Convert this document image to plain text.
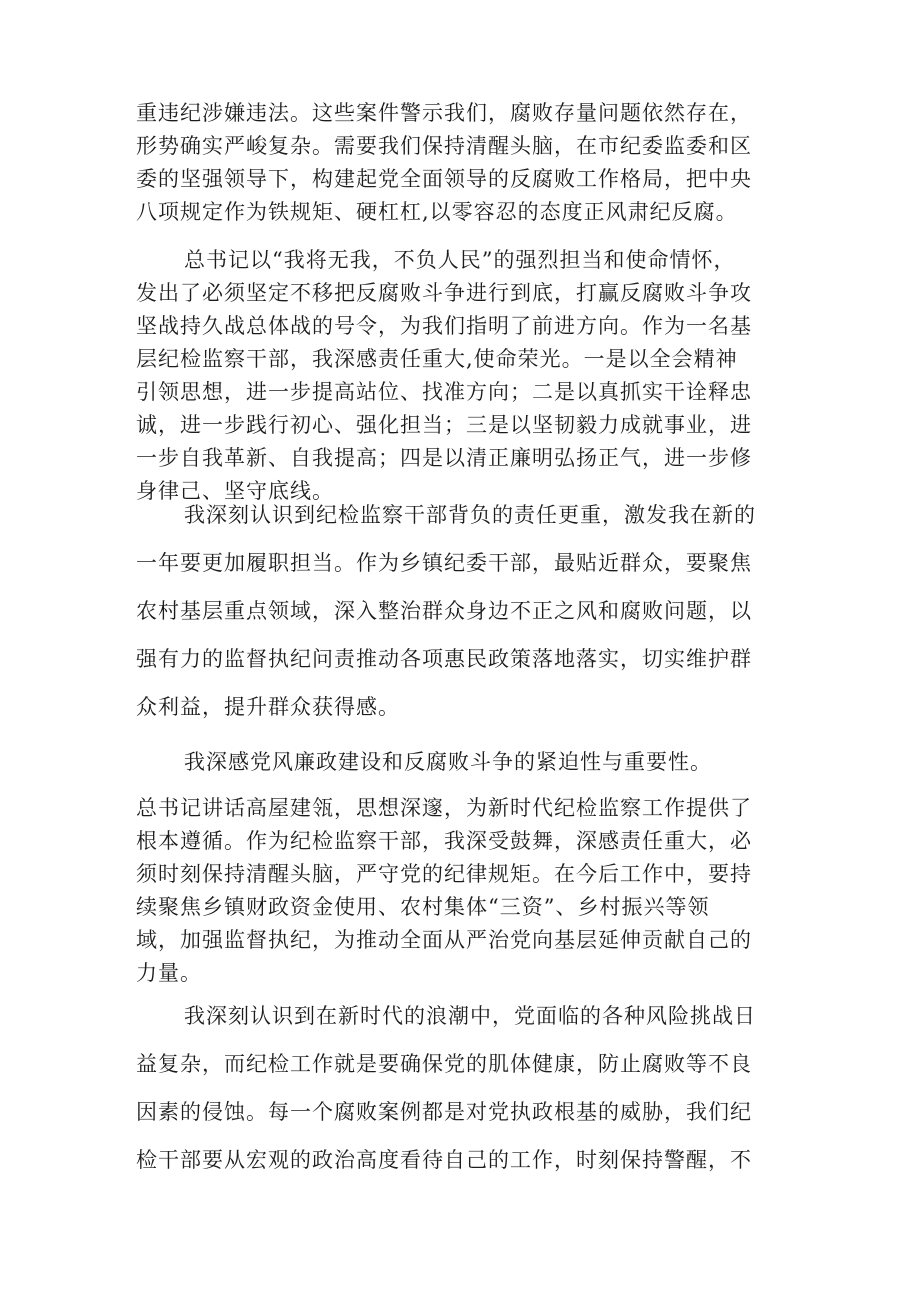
重违纪涉嫌违法。这些案件警示我们，腐败存量问题依然存在，
形势确实严峻复杂。需要我们保持清醒头脑，在市纪委监委和区
委的坚强领导下，构建起党全面领导的反腐败工作格局，把中央
八项规定作为铁规矩、硬杠杠,以零容忍的态度正风肃纪反腐。
总书记以“我将无我，不负人民”的强烈担当和使命情怀，
发出了必须坚定不移把反腐败斗争进行到底，打赢反腐败斗争攻
坚战持久战总体战的号令，为我们指明了前进方向。作为一名基
层纪检监察干部，我深感责任重大,使命荣光。一是以全会精神
引领思想，进一步提高站位、找准方向；二是以真抓实干诠释忠
诚，进一步践行初心、强化担当；三是以坚韧毅力成就事业，进
一步自我革新、自我提高；四是以清正廉明弘扬正气，进一步修
身律己、坚守底线。
我深刻认识到纪检监察干部背负的责任更重，激发我在新的
一年要更加履职担当。作为乡镇纪委干部，最贴近群众，要聚焦
农村基层重点领域，深入整治群众身边不正之风和腐败问题，以
强有力的监督执纪问责推动各项惠民政策落地落实，切实维护群
众利益，提升群众获得感。
我深感党风廉政建设和反腐败斗争的紧迫性与重要性。
总书记讲话高屋建瓴，思想深邃，为新时代纪检监察工作提供了
根本遵循。作为纪检监察干部，我深受鼓舞，深感责任重大，必
须时刻保持清醒头脑，严守党的纪律规矩。在今后工作中，要持
续聚焦乡镇财政资金使用、农村集体“三资”、乡村振兴等领
域，加强监督执纪，为推动全面从严治党向基层延伸贡献自己的
力量。
我深刻认识到在新时代的浪潮中，党面临的各种风险挑战日
益复杂，而纪检工作就是要确保党的肌体健康，防止腐败等不良
因素的侵蚀。每一个腐败案例都是对党执政根基的威胁，我们纪
检干部要从宏观的政治高度看待自己的工作，时刻保持警醒，不
